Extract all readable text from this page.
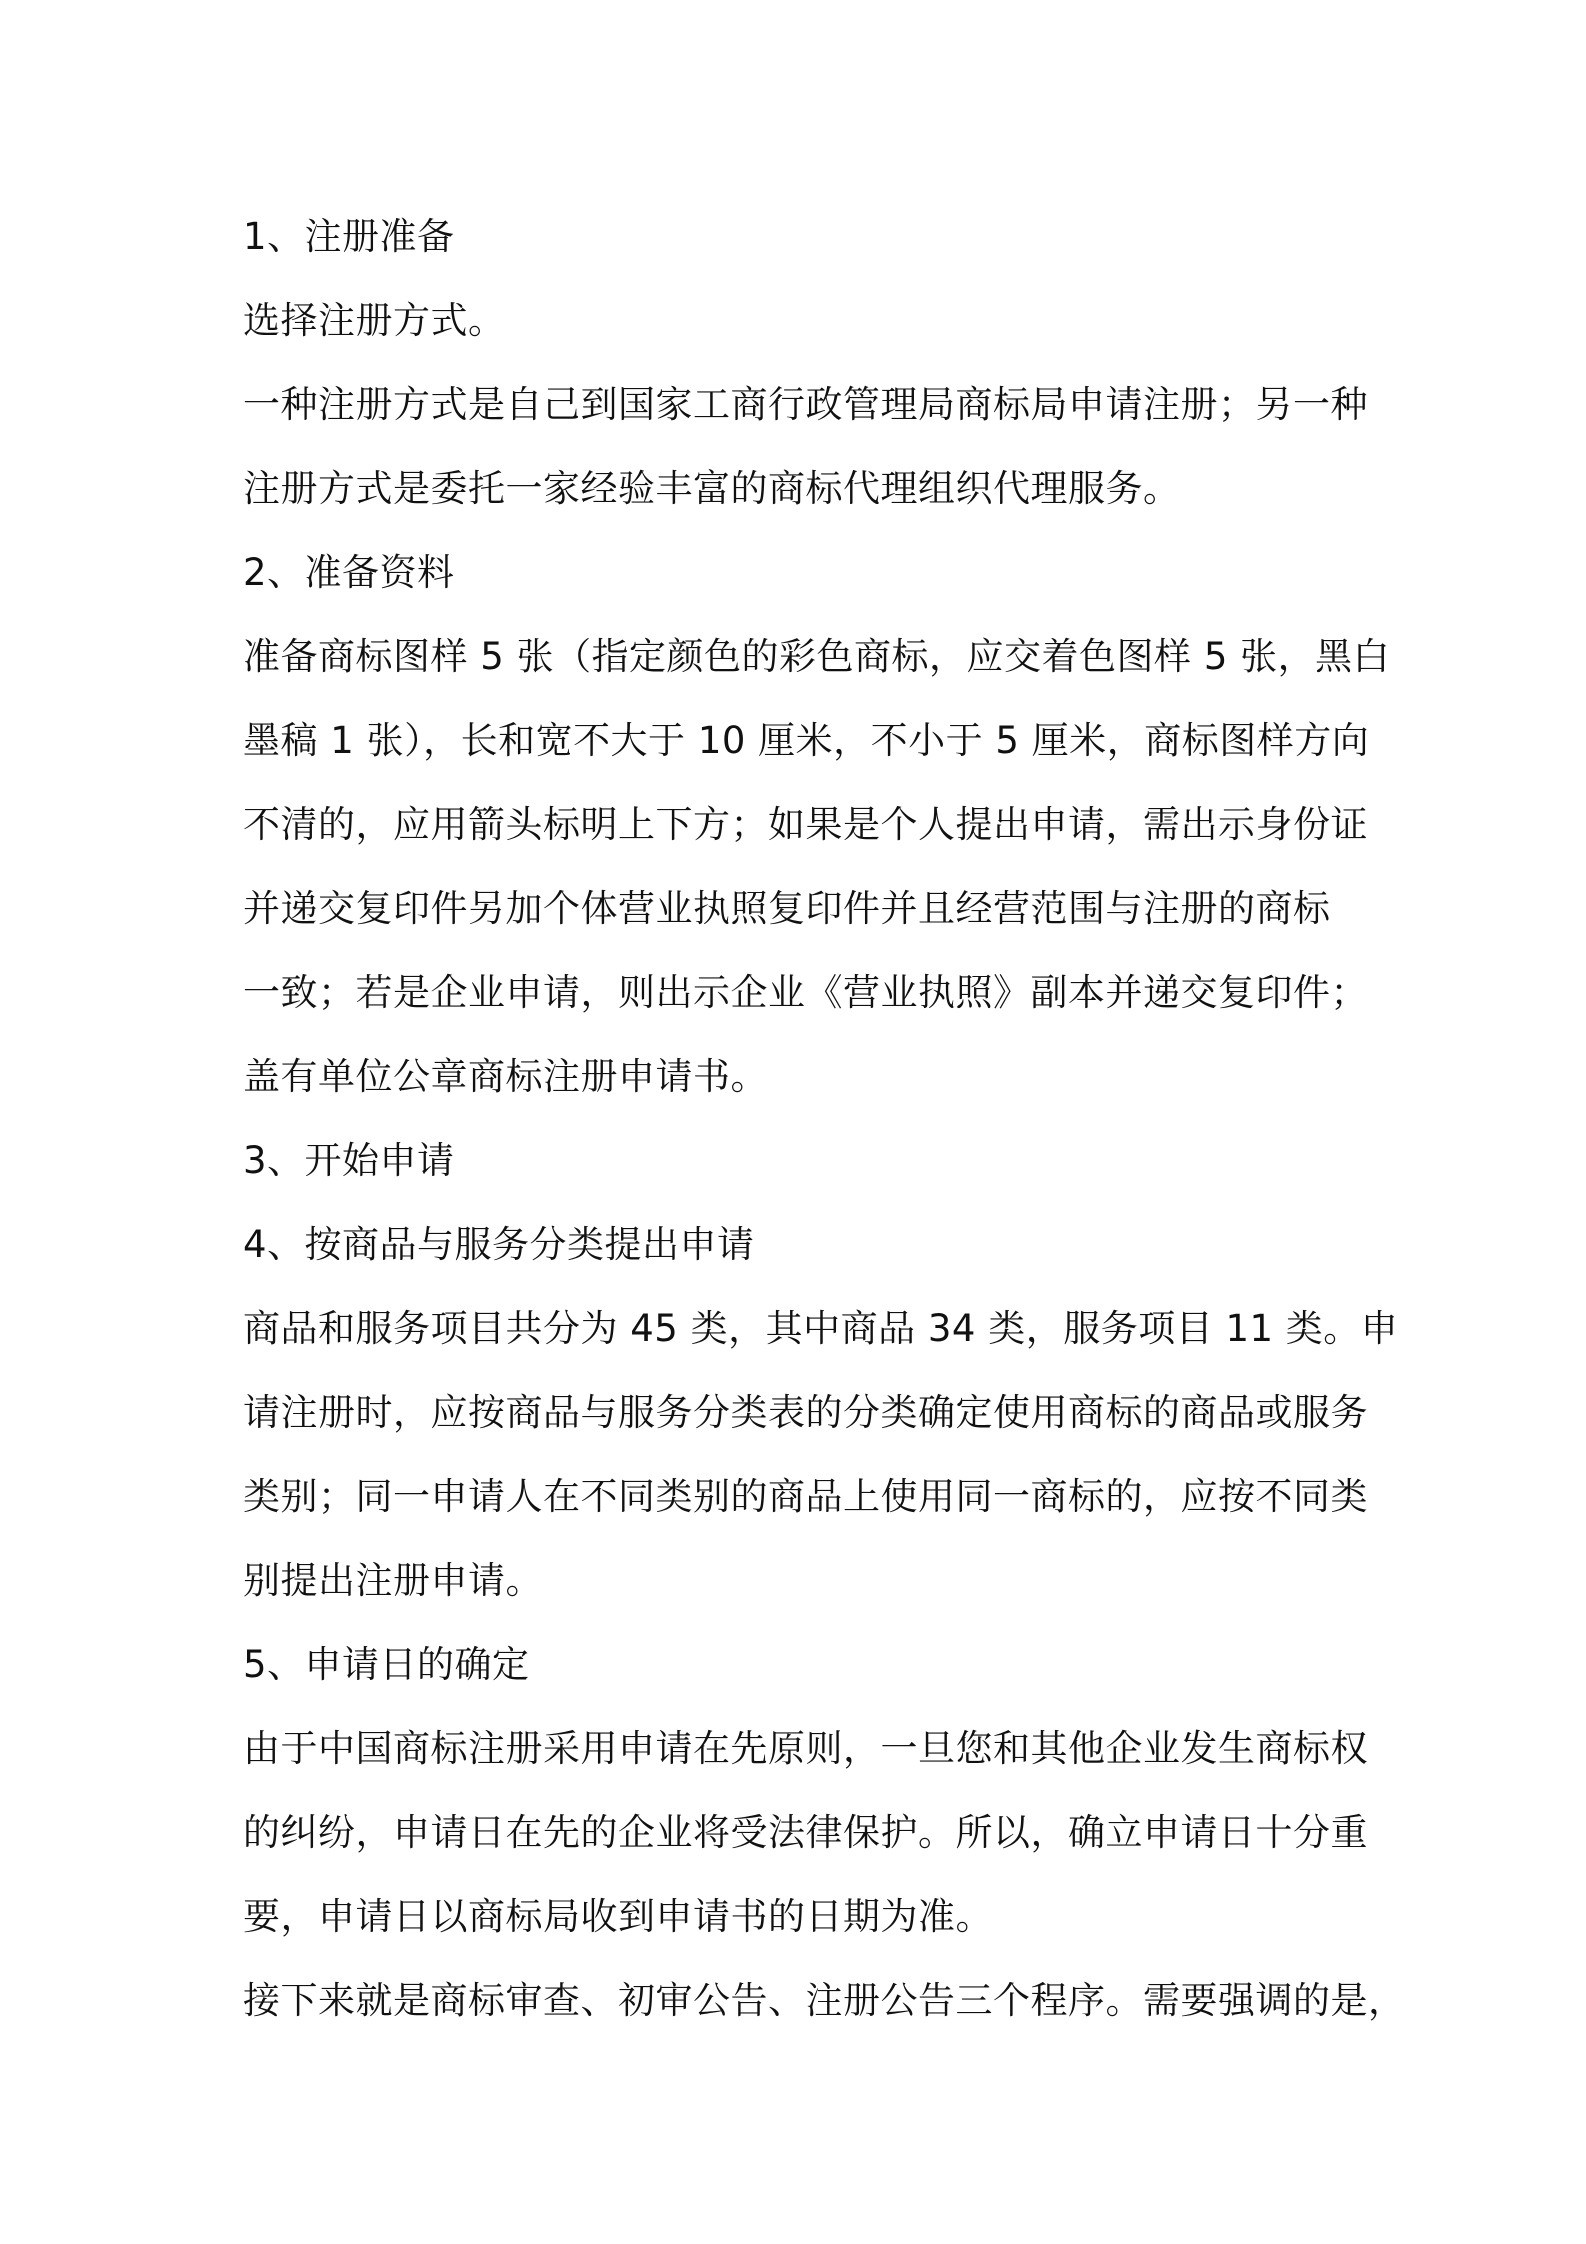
1、注册准备
选择注册方式。
一种注册方式是自己到国家工商行政管理局商标局申请注册；另一种
注册方式是委托一家经验丰富的商标代理组织代理服务。
2、准备资料
准备商标图样 5 张（指定颜色的彩色商标，应交着色图样 5 张，黑白
墨稿 1 张），长和宽不大于 10 厘米，不小于 5 厘米，商标图样方向
不清的，应用箭头标明上下方；如果是个人提出申请，需出示身份证
并递交复印件另加个体营业执照复印件并且经营范围与注册的商标
一致；若是企业申请，则出示企业《营业执照》副本并递交复印件；
盖有单位公章商标注册申请书。
3、开始申请
4、按商品与服务分类提出申请
商品和服务项目共分为 45 类，其中商品 34 类，服务项目 11 类。申
请注册时，应按商品与服务分类表的分类确定使用商标的商品或服务
类别；同一申请人在不同类别的商品上使用同一商标的，应按不同类
别提出注册申请。
5、申请日的确定
由于中国商标注册采用申请在先原则，一旦您和其他企业发生商标权
的纠纷，申请日在先的企业将受法律保护。所以，确立申请日十分重
要，申请日以商标局收到申请书的日期为准。
接下来就是商标审查、初审公告、注册公告三个程序。需要强调的是，
